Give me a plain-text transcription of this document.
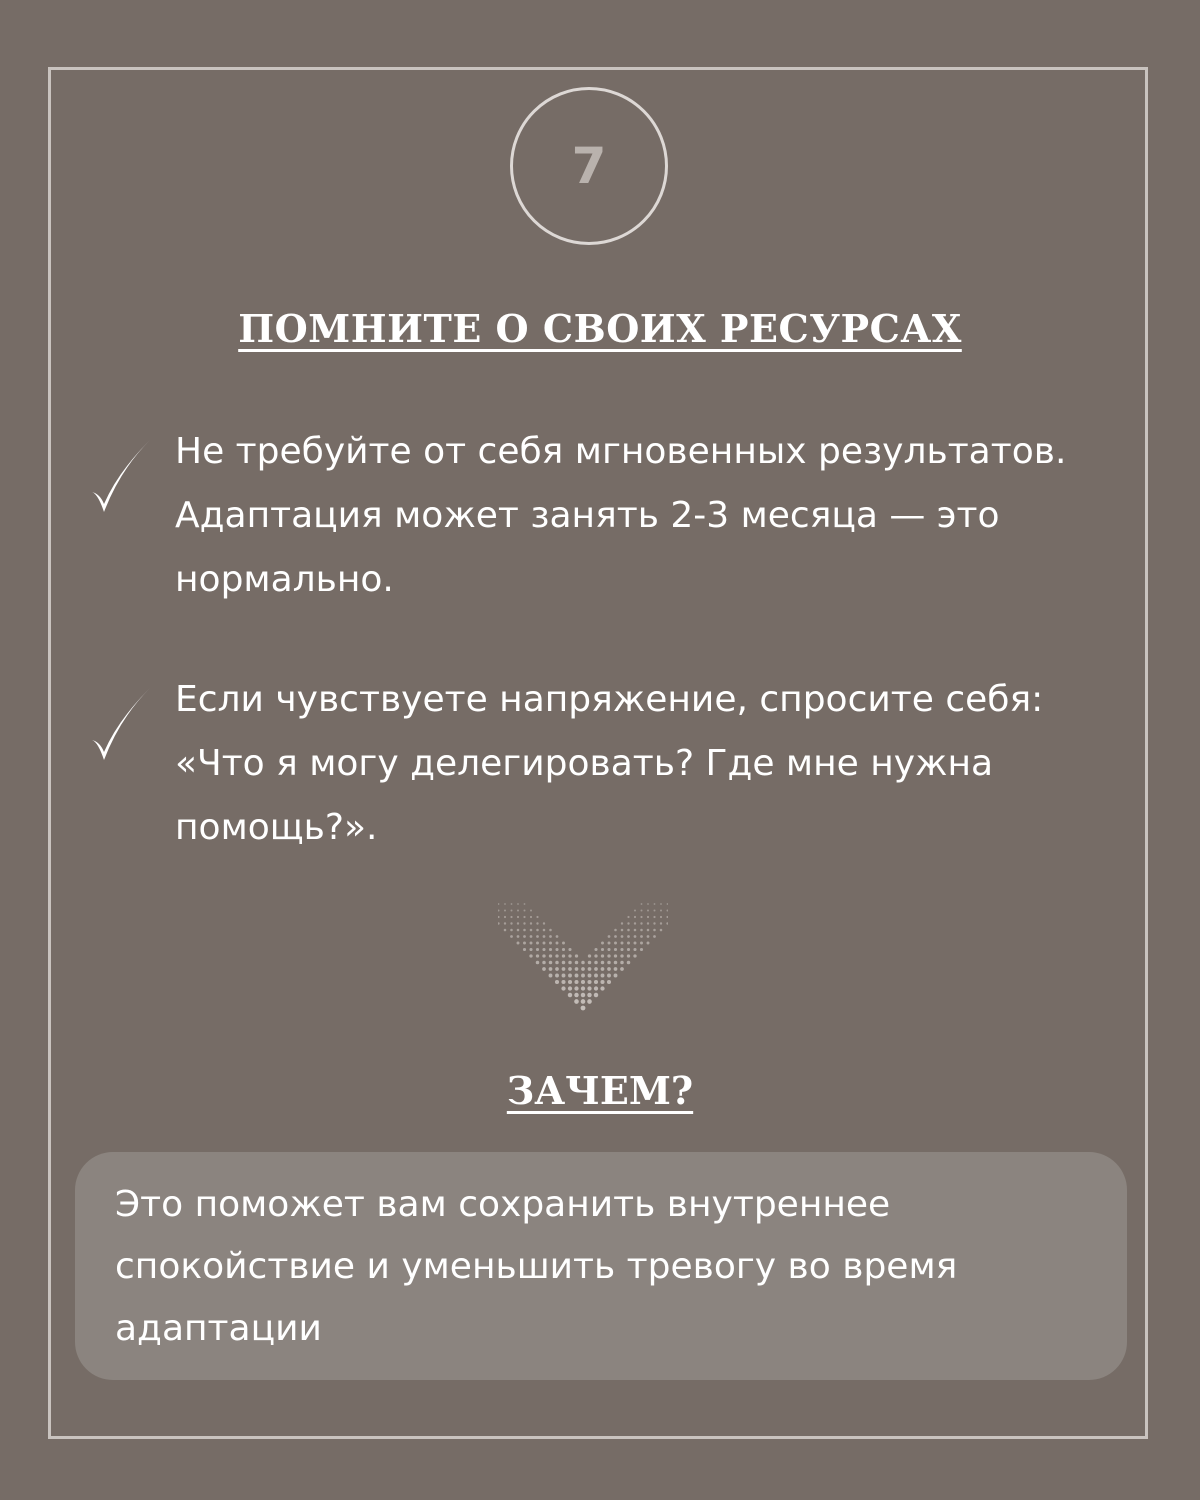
7
ПОМНИТЕ О СВОИХ РЕСУРСАХ
Не требуйте от себя мгновенных результатов. Адаптация может занять 2-3 месяца — это нормально.
Если чувствуете напряжение, спросите себя: «Что я могу делегировать? Где мне нужна помощь?».
ЗАЧЕМ?
Это поможет вам сохранить внутреннее спокойствие и уменьшить тревогу во время адаптации
